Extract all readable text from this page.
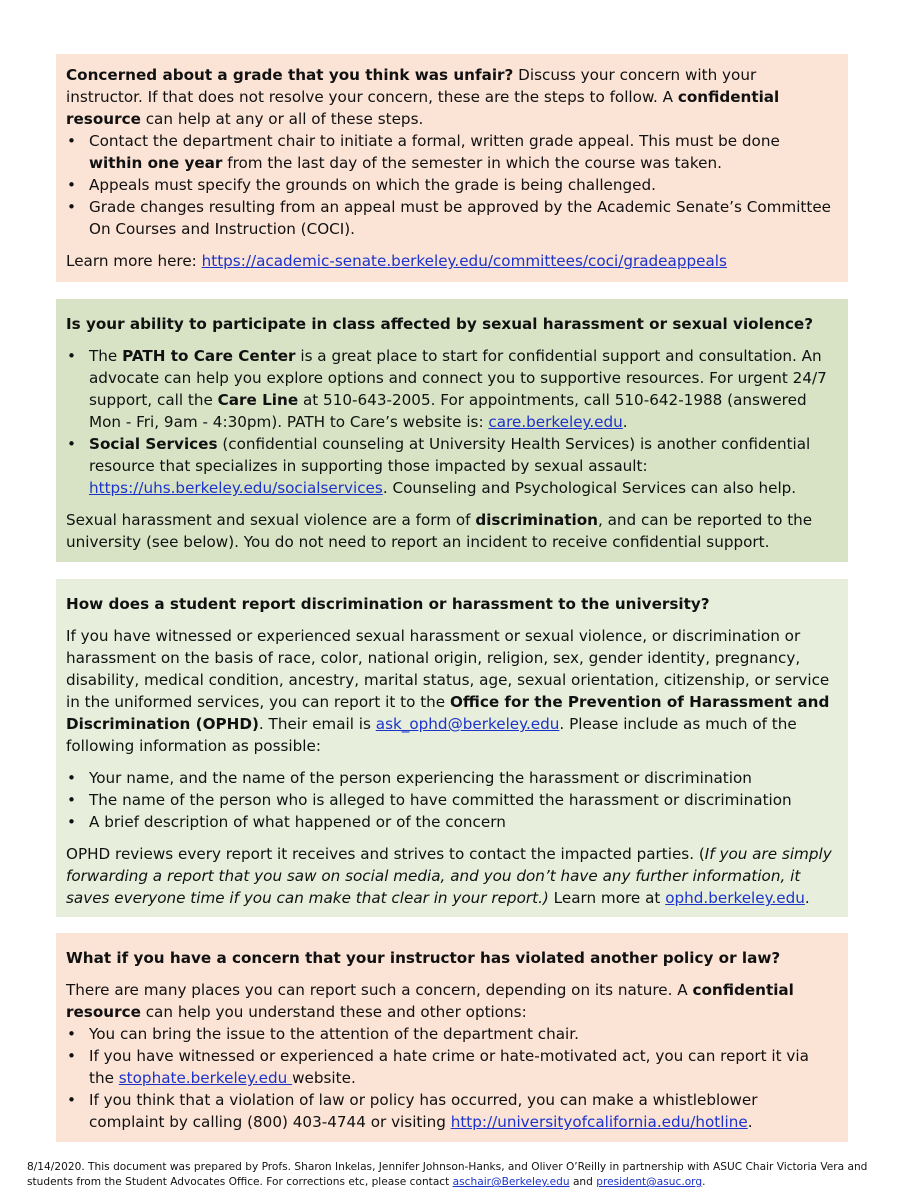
Concerned about a grade that you think was unfair? Discuss your concern with your instructor. If that does not resolve your concern, these are the steps to follow. A confidential resource can help at any or all of these steps.

• Contact the department chair to initiate a formal, written grade appeal. This must be done within one year from the last day of the semester in which the course was taken.
• Appeals must specify the grounds on which the grade is being challenged.
• Grade changes resulting from an appeal must be approved by the Academic Senate’s Committee On Courses and Instruction (COCI).

Learn more here: https://academic-senate.berkeley.edu/committees/coci/gradeappeals

Is your ability to participate in class affected by sexual harassment or sexual violence?

• The PATH to Care Center is a great place to start for confidential support and consultation. An advocate can help you explore options and connect you to supportive resources. For urgent 24/7 support, call the Care Line at 510-643-2005. For appointments, call 510-642-1988 (answered Mon - Fri, 9am - 4:30pm). PATH to Care’s website is: care.berkeley.edu.
• Social Services (confidential counseling at University Health Services) is another confidential resource that specializes in supporting those impacted by sexual assault: https://uhs.berkeley.edu/socialservices. Counseling and Psychological Services can also help.

Sexual harassment and sexual violence are a form of discrimination, and can be reported to the university (see below). You do not need to report an incident to receive confidential support.

How does a student report discrimination or harassment to the university?

If you have witnessed or experienced sexual harassment or sexual violence, or discrimination or harassment on the basis of race, color, national origin, religion, sex, gender identity, pregnancy, disability, medical condition, ancestry, marital status, age, sexual orientation, citizenship, or service in the uniformed services, you can report it to the Office for the Prevention of Harassment and Discrimination (OPHD). Their email is ask_ophd@berkeley.edu. Please include as much of the following information as possible:

• Your name, and the name of the person experiencing the harassment or discrimination
• The name of the person who is alleged to have committed the harassment or discrimination
• A brief description of what happened or of the concern

OPHD reviews every report it receives and strives to contact the impacted parties. (If you are simply forwarding a report that you saw on social media, and you don’t have any further information, it saves everyone time if you can make that clear in your report.) Learn more at ophd.berkeley.edu.

What if you have a concern that your instructor has violated another policy or law?

There are many places you can report such a concern, depending on its nature. A confidential resource can help you understand these and other options:

• You can bring the issue to the attention of the department chair.
• If you have witnessed or experienced a hate crime or hate-motivated act, you can report it via the stophate.berkeley.edu website.
• If you think that a violation of law or policy has occurred, you can make a whistleblower complaint by calling (800) 403-4744 or visiting http://universityofcalifornia.edu/hotline.
8/14/2020. This document was prepared by Profs. Sharon Inkelas, Jennifer Johnson-Hanks, and Oliver O’Reilly in partnership with ASUC Chair Victoria Vera and students from the Student Advocates Office. For corrections etc, please contact aschair@Berkeley.edu and president@asuc.org.
